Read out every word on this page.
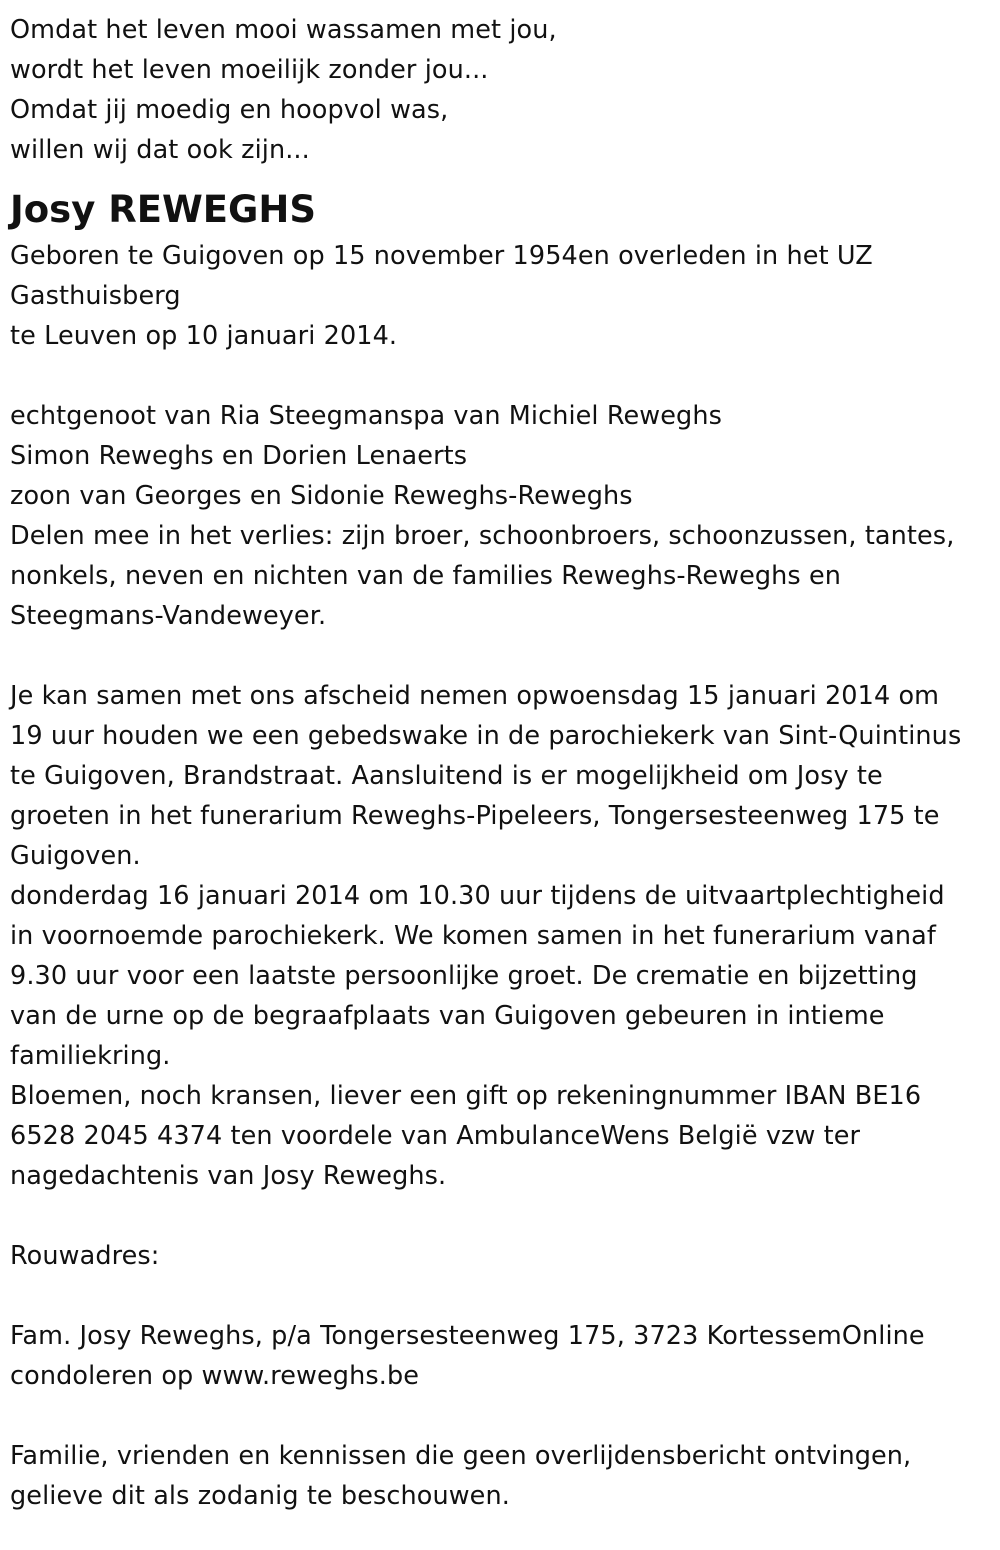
Omdat het leven mooi wassamen met jou,
wordt het leven moeilijk zonder jou...
Omdat jij moedig en hoopvol was,
willen wij dat ook zijn...
Josy REWEGHS
Geboren te Guigoven op 15 november 1954en overleden in het UZ
Gasthuisberg
te Leuven op 10 januari 2014.
echtgenoot van Ria Steegmanspa van Michiel Reweghs
Simon Reweghs en Dorien Lenaerts
zoon van Georges en Sidonie Reweghs-Reweghs
Delen mee in het verlies: zijn broer, schoonbroers, schoonzussen, tantes,
nonkels, neven en nichten van de families Reweghs-Reweghs en
Steegmans-Vandeweyer.
Je kan samen met ons afscheid nemen opwoensdag 15 januari 2014 om
19 uur houden we een gebedswake in de parochiekerk van Sint-Quintinus
te Guigoven, Brandstraat. Aansluitend is er mogelijkheid om Josy te
groeten in het funerarium Reweghs-Pipeleers, Tongersesteenweg 175 te
Guigoven.
donderdag 16 januari 2014 om 10.30 uur tijdens de uitvaartplechtigheid
in voornoemde parochiekerk. We komen samen in het funerarium vanaf
9.30 uur voor een laatste persoonlijke groet. De crematie en bijzetting
van de urne op de begraafplaats van Guigoven gebeuren in intieme
familiekring.
Bloemen, noch kransen, liever een gift op rekeningnummer IBAN BE16
6528 2045 4374 ten voordele van AmbulanceWens België vzw ter
nagedachtenis van Josy Reweghs.
Rouwadres:
Fam. Josy Reweghs, p/a Tongersesteenweg 175, 3723 KortessemOnline
condoleren op www.reweghs.be
Familie, vrienden en kennissen die geen overlijdensbericht ontvingen,
gelieve dit als zodanig te beschouwen.
